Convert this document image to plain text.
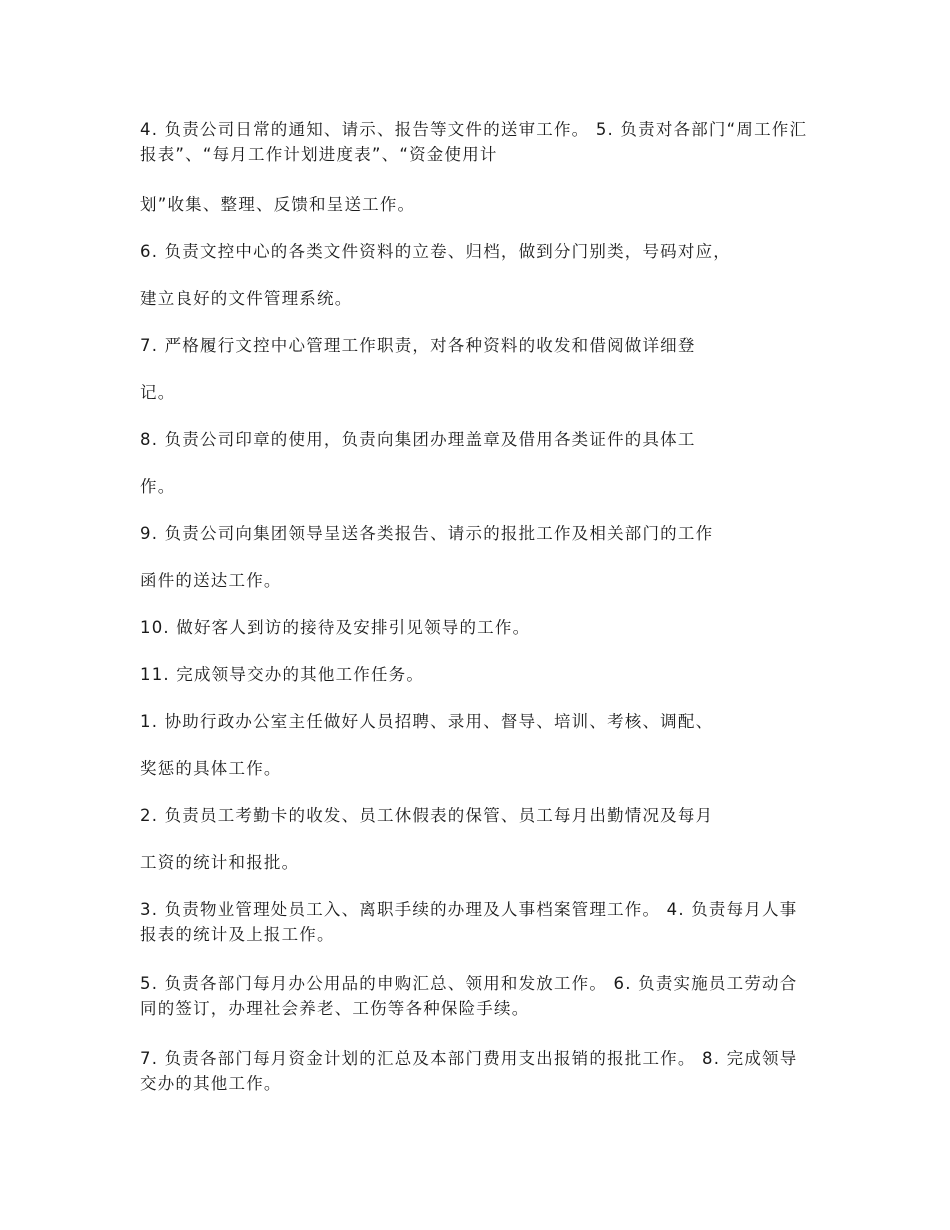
4. 负责公司日常的通知、请示、报告等文件的送审工作。 5. 负责对各部门“周工作汇报表”、“每月工作计划进度表”、“资金使用计

划”收集、整理、反馈和呈送工作。

6. 负责文控中心的各类文件资料的立卷、归档，做到分门别类，号码对应，

建立良好的文件管理系统。

7. 严格履行文控中心管理工作职责，对各种资料的收发和借阅做详细登

记。

8. 负责公司印章的使用，负责向集团办理盖章及借用各类证件的具体工

作。

9. 负责公司向集团领导呈送各类报告、请示的报批工作及相关部门的工作

函件的送达工作。

10. 做好客人到访的接待及安排引见领导的工作。

11. 完成领导交办的其他工作任务。

1. 协助行政办公室主任做好人员招聘、录用、督导、培训、考核、调配、

奖惩的具体工作。

2. 负责员工考勤卡的收发、员工休假表的保管、员工每月出勤情况及每月

工资的统计和报批。

3. 负责物业管理处员工入、离职手续的办理及人事档案管理工作。 4. 负责每月人事报表的统计及上报工作。

5. 负责各部门每月办公用品的申购汇总、领用和发放工作。 6. 负责实施员工劳动合同的签订，办理社会养老、工伤等各种保险手续。

7. 负责各部门每月资金计划的汇总及本部门费用支出报销的报批工作。 8. 完成领导交办的其他工作。
